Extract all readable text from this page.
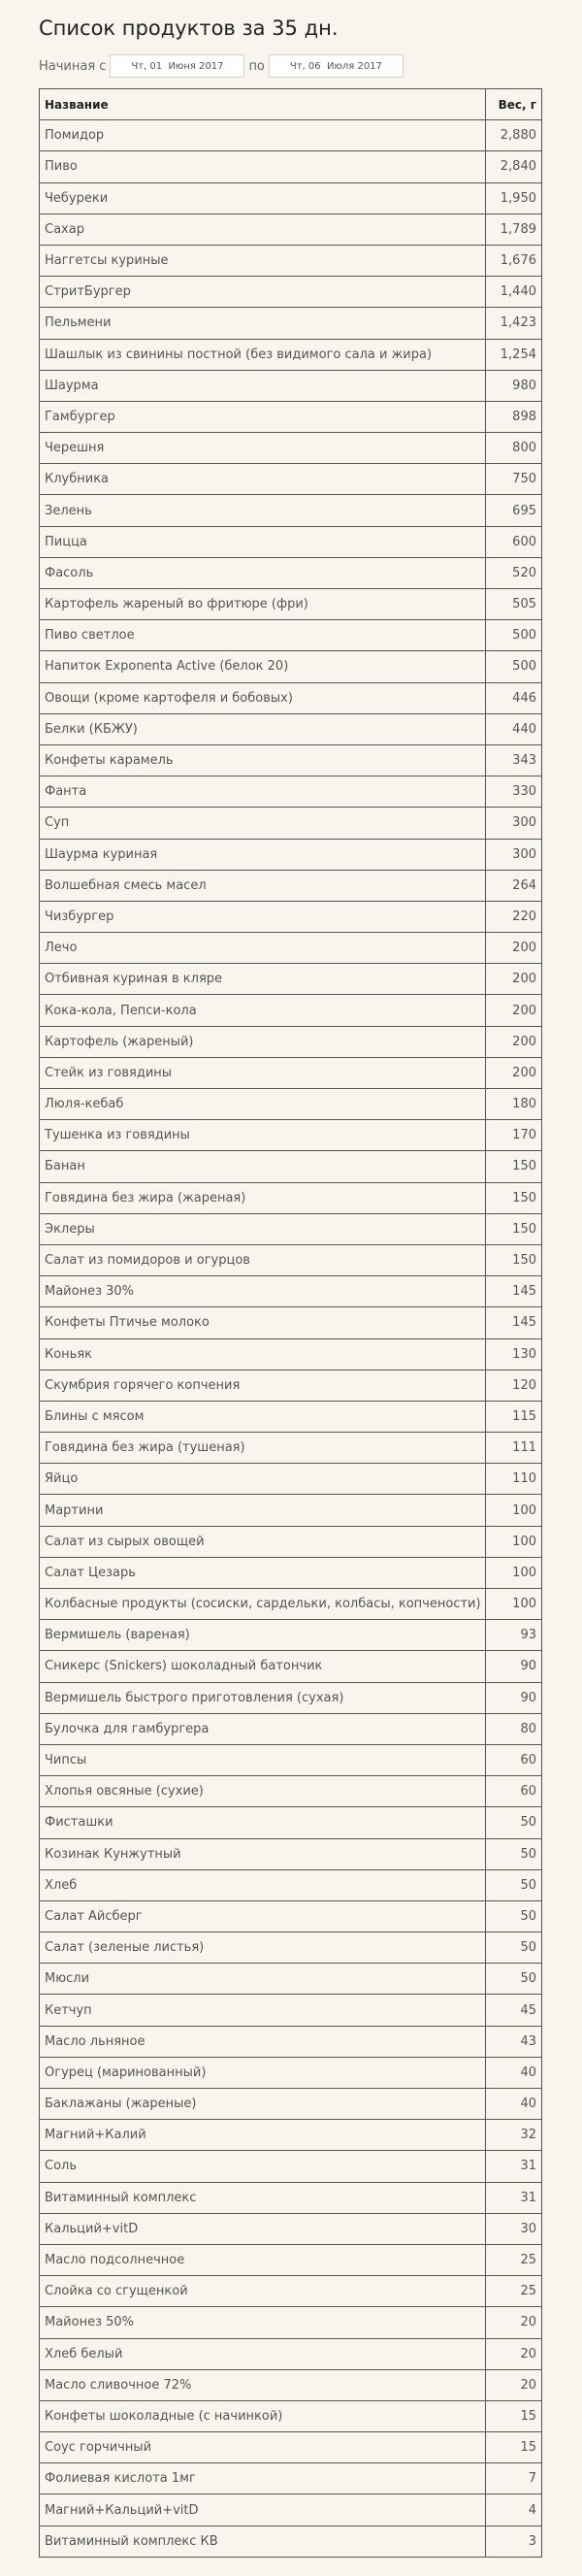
Список продуктов за 35 дн.
Начиная с
Чт, 01 Июня 2017	по
Чт, 06 Июля 2017
Название	Вес, г
Помидор	2,880
Пиво	2,840
Чебуреки	1,950
Сахар	1,789
Наггетсы куриные	1,676
СтритБургер	1,440
Пельмени	1,423
Шашлык из свинины постной (без видимого сала и жира)	1,254
Шаурма	980
Гамбургер	898
Черешня	800
Клубника	750
Зелень	695
Пицца	600
Фасоль	520
Картофель жареный во фритюре (фри)	505
Пиво светлое	500
Напиток Exponenta Active (белок 20)	500
Овощи (кроме картофеля и бобовых)	446
Белки (КБЖУ)	440
Конфеты карамель	343
Фанта	330
Суп	300
Шаурма куриная	300
Волшебная смесь масел	264
Чизбургер	220
Лечо	200
Отбивная куриная в кляре	200
Кока-кола, Пепси-кола	200
Картофель (жареный)	200
Стейк из говядины	200
Люля-кебаб	180
Тушенка из говядины	170
Банан	150
Говядина без жира (жареная)	150
Эклеры	150
Салат из помидоров и огурцов	150
Майонез 30%	145
Конфеты Птичье молоко	145
Коньяк	130
Скумбрия горячего копчения	120
Блины с мясом	115
Говядина без жира (тушеная)	111
Яйцо	110
Мартини	100
Салат из сырых овощей	100
Салат Цезарь	100
Колбасные продукты (сосиски, сардельки, колбасы, копчености)	100
Вермишель (вареная)	93
Сникерс (Snickers) шоколадный батончик	90
Вермишель быстрого приготовления (сухая)	90
Булочка для гамбургера	80
Чипсы	60
Хлопья овсяные (сухие)	60
Фисташки	50
Козинак Кунжутный	50
Хлеб	50
Салат Айсберг	50
Салат (зеленые листья)	50
Мюсли	50
Кетчуп	45
Масло льняное	43
Огурец (маринованный)	40
Баклажаны (жареные)	40
Магний+Калий	32
Соль	31
Витаминный комплекс	31
Кальций+vitD	30
Масло подсолнечное	25
Слойка со сгущенкой	25
Майонез 50%	20
Хлеб белый	20
Масло сливочное 72%	20
Конфеты шоколадные (с начинкой)	15
Соус горчичный	15
Фолиевая кислота 1мг	7
Магний+Кальций+vitD	4
Витаминный комплекс КВ	3
